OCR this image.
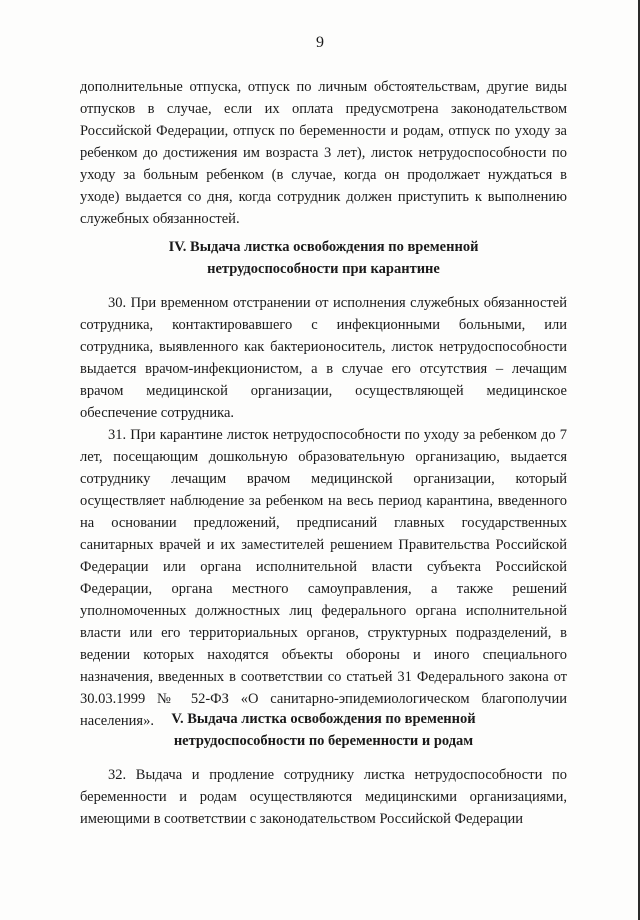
9

дополнительные отпуска, отпуск по личным обстоятельствам, другие виды отпусков в случае, если их оплата предусмотрена законодательством Российской Федерации, отпуск по беременности и родам, отпуск по уходу за ребенком до достижения им возраста 3 лет), листок нетрудоспособности по уходу за больным ребенком (в случае, когда он продолжает нуждаться в уходе) выдается со дня, когда сотрудник должен приступить к выполнению служебных обязанностей.

IV. Выдача листка освобождения по временной
нетрудоспособности при карантине

30. При временном отстранении от исполнения служебных обязанностей сотрудника, контактировавшего с инфекционными больными, или сотрудника, выявленного как бактерионоситель, листок нетрудоспособности выдается врачом-инфекционистом, а в случае его отсутствия – лечащим врачом медицинской организации, осуществляющей медицинское обеспечение сотрудника.

31. При карантине листок нетрудоспособности по уходу за ребенком до 7 лет, посещающим дошкольную образовательную организацию, выдается сотруднику лечащим врачом медицинской организации, который осуществляет наблюдение за ребенком на весь период карантина, введенного на основании предложений, предписаний главных государственных санитарных врачей и их заместителей решением Правительства Российской Федерации или органа исполнительной власти субъекта Российской Федерации, органа местного самоуправления, а также решений уполномоченных должностных лиц федерального органа исполнительной власти или его территориальных органов, структурных подразделений, в ведении которых находятся объекты обороны и иного специального назначения, введенных в соответствии со статьей 31 Федерального закона от 30.03.1999 № 52-ФЗ «О санитарно-эпидемиологическом благополучии населения».	V. Выдача листка освобождения по временной
нетрудоспособности по беременности и родам

32. Выдача и продление сотруднику листка нетрудоспособности по беременности и родам осуществляются медицинскими организациями, имеющими в соответствии с законодательством Российской Федерации
